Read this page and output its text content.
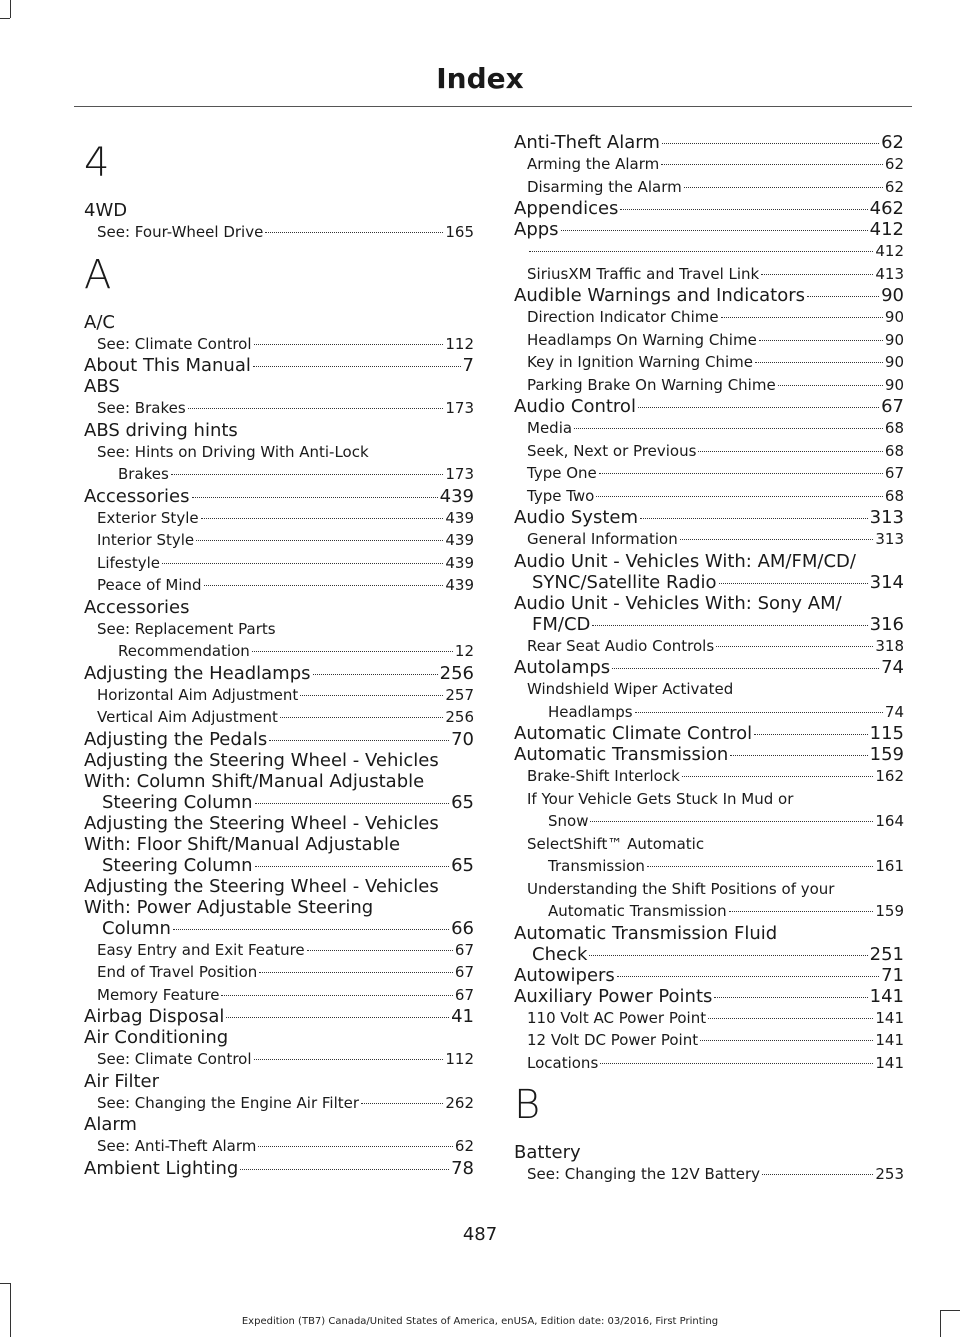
Index
4
4WD
See: Four-Wheel Drive	165
A
A/C
See: Climate Control	112
About This Manual	7
ABS
See: Brakes	173
ABS driving hints
See: Hints on Driving With Anti-Lock
Brakes	173
Accessories	439
Exterior Style	439
Interior Style	439
Lifestyle	439
Peace of Mind	439
Accessories
See: Replacement Parts
Recommendation	12
Adjusting the Headlamps	256
Horizontal Aim Adjustment	257
Vertical Aim Adjustment	256
Adjusting the Pedals	70
Adjusting the Steering Wheel - Vehicles
With: Column Shift/Manual Adjustable
Steering Column	65
Adjusting the Steering Wheel - Vehicles
With: Floor Shift/Manual Adjustable
Steering Column	65
Adjusting the Steering Wheel - Vehicles
With: Power Adjustable Steering
Column	66
Easy Entry and Exit Feature	67
End of Travel Position	67
Memory Feature	67
Airbag Disposal	41
Air Conditioning
See: Climate Control	112
Air Filter
See: Changing the Engine Air Filter	262
Alarm
See: Anti-Theft Alarm	62
Ambient Lighting	78
Anti-Theft Alarm	62
Arming the Alarm	62
Disarming the Alarm	62
Appendices	462
Apps	412
412
SiriusXM Traffic and Travel Link	413
Audible Warnings and Indicators	90
Direction Indicator Chime	90
Headlamps On Warning Chime	90
Key in Ignition Warning Chime	90
Parking Brake On Warning Chime	90
Audio Control	67
Media	68
Seek, Next or Previous	68
Type One	67
Type Two	68
Audio System	313
General Information	313
Audio Unit - Vehicles With: AM/FM/CD/
SYNC/Satellite Radio	314
Audio Unit - Vehicles With: Sony AM/
FM/CD	316
Rear Seat Audio Controls	318
Autolamps	74
Windshield Wiper Activated
Headlamps	74
Automatic Climate Control	115
Automatic Transmission	159
Brake-Shift Interlock	162
If Your Vehicle Gets Stuck In Mud or
Snow	164
SelectShift™ Automatic
Transmission	161
Understanding the Shift Positions of your
Automatic Transmission	159
Automatic Transmission Fluid
Check	251
Autowipers	71
Auxiliary Power Points	141
110 Volt AC Power Point	141
12 Volt DC Power Point	141
Locations	141
B
Battery
See: Changing the 12V Battery	253
487
Expedition (TB7) Canada/United States of America, enUSA, Edition date: 03/2016, First Printing
